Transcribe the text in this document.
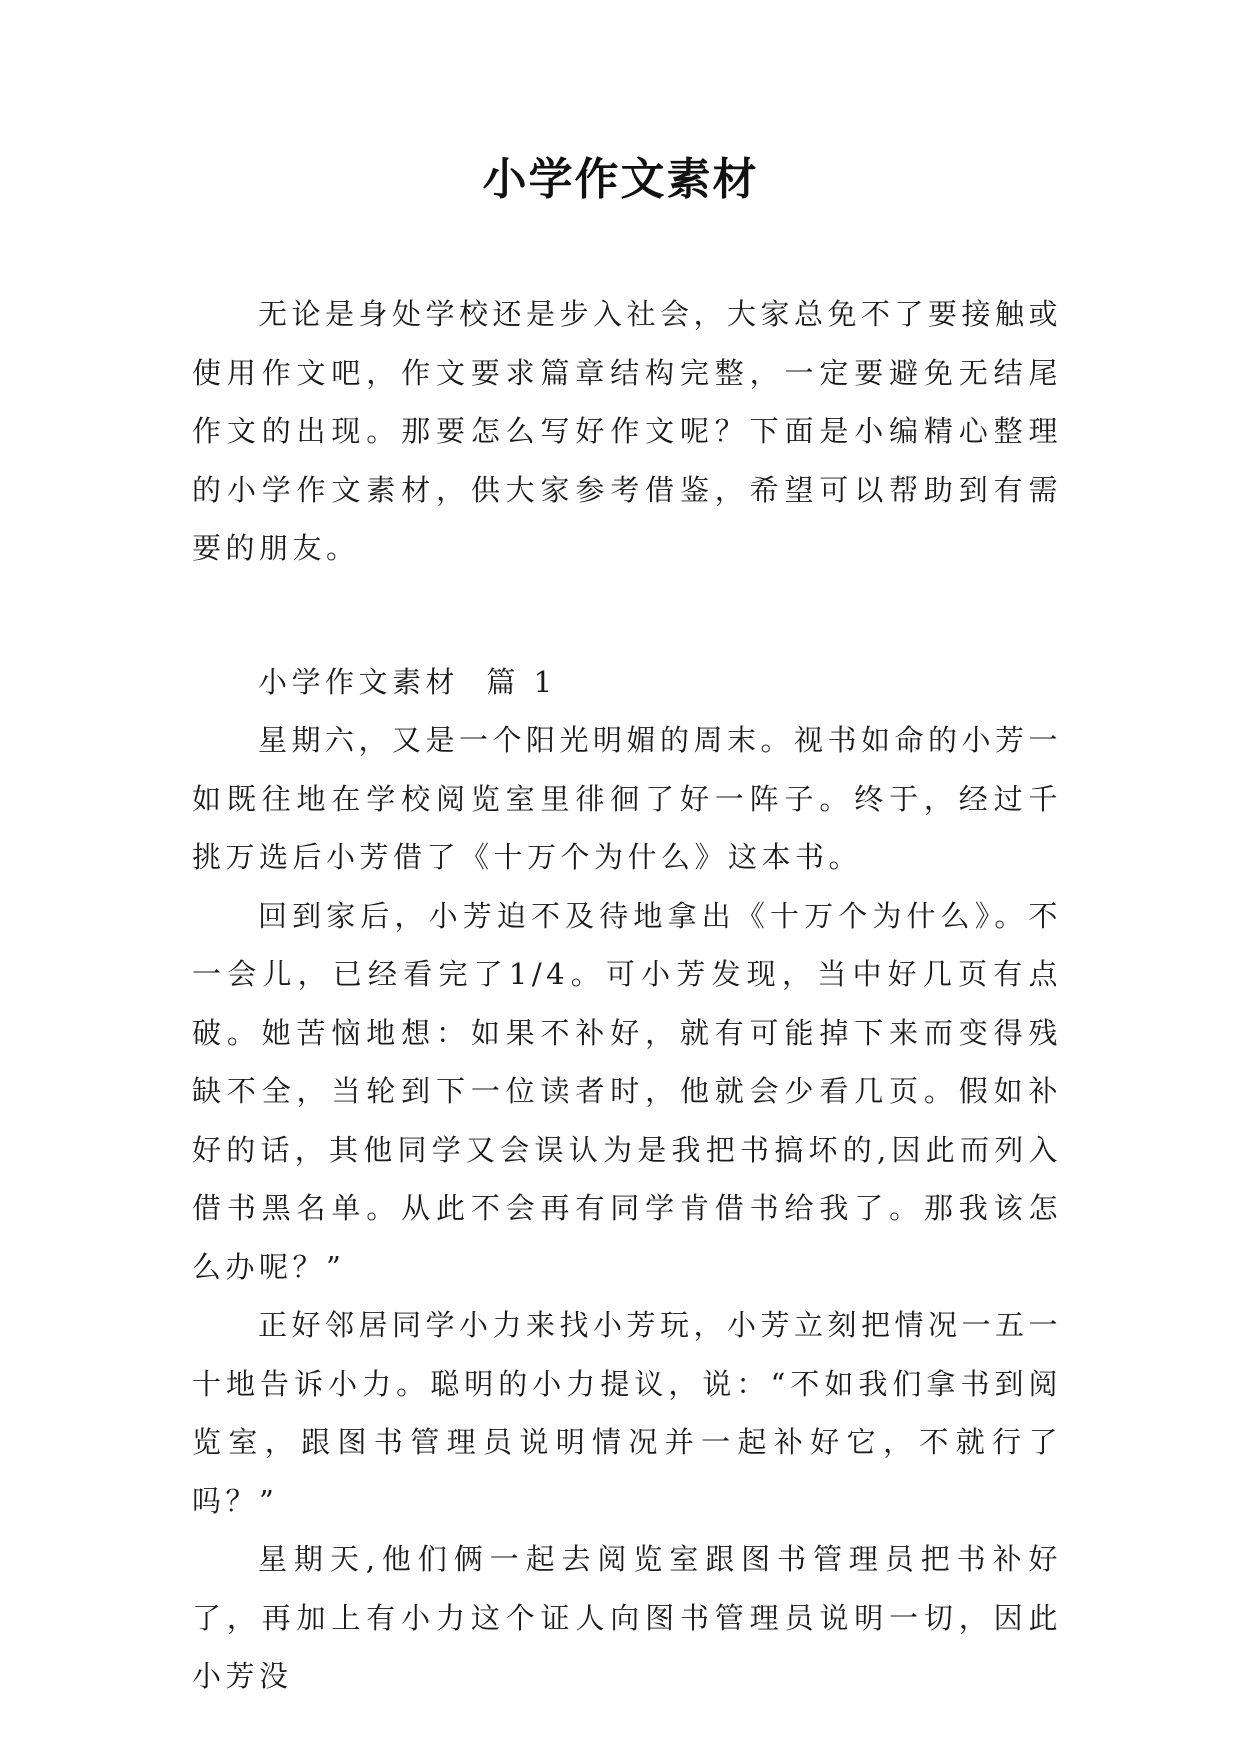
小学作文素材

无论是身处学校还是步入社会，大家总免不了要接触或使用作文吧，作文要求篇章结构完整，一定要避免无结尾作文的出现。那要怎么写好作文呢？下面是小编精心整理的小学作文素材，供大家参考借鉴，希望可以帮助到有需要的朋友。

小学作文素材  篇 1

星期六，又是一个阳光明媚的周末。视书如命的小芳一如既往地在学校阅览室里徘徊了好一阵子。终于，经过千挑万选后小芳借了《十万个为什么》这本书。

回到家后，小芳迫不及待地拿出《十万个为什么》。不一会儿，已经看完了1/4。可小芳发现，当中好几页有点破。她苦恼地想：如果不补好，就有可能掉下来而变得残缺不全，当轮到下一位读者时，他就会少看几页。假如补好的话，其他同学又会误认为是我把书搞坏的,因此而列入借书黑名单。从此不会再有同学肯借书给我了。那我该怎么办呢？”

正好邻居同学小力来找小芳玩，小芳立刻把情况一五一十地告诉小力。聪明的小力提议，说：“不如我们拿书到阅览室，跟图书管理员说明情况并一起补好它，不就行了吗？”

星期天,他们俩一起去阅览室跟图书管理员把书补好了，再加上有小力这个证人向图书管理员说明一切，因此小芳没
